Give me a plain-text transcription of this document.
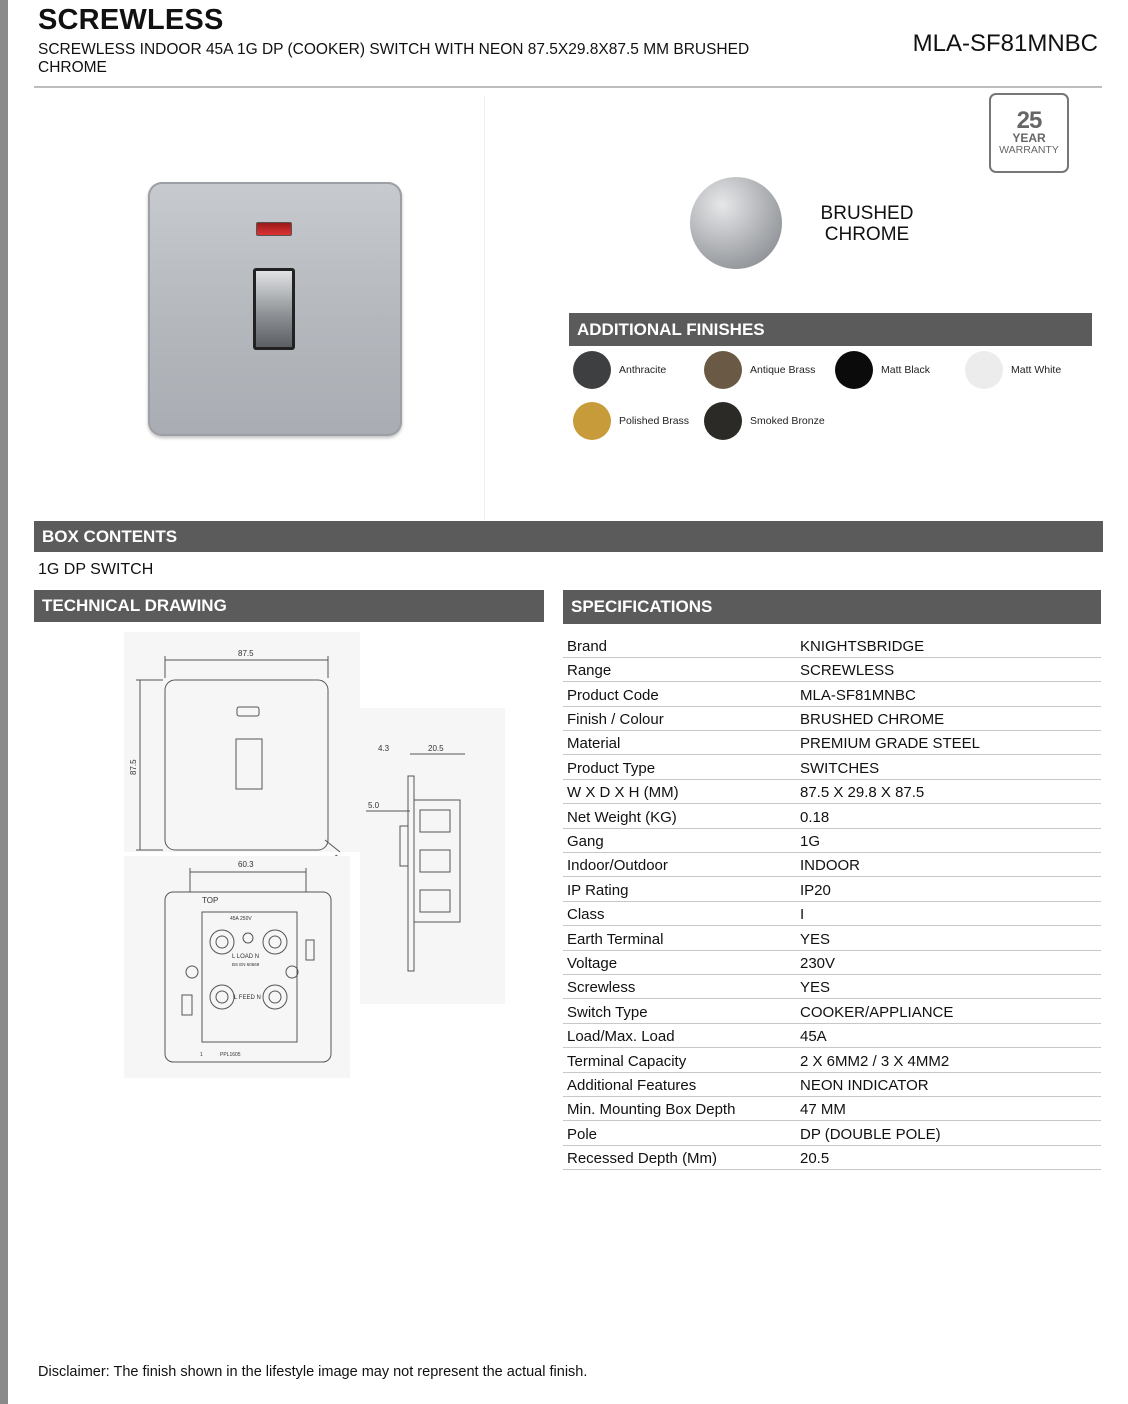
SCREWLESS
SCREWLESS INDOOR 45A 1G DP (COOKER) SWITCH WITH NEON 87.5X29.8X87.5 MM BRUSHED CHROME
MLA-SF81MNBC
25
YEAR
WARRANTY
BRUSHED
CHROME
ADDITIONAL FINISHES
Anthracite	Antique Brass	Matt Black	Matt White
Polished Brass	Smoked Bronze
BOX CONTENTS
1G DP SWITCH
TECHNICAL DRAWING	SPECIFICATIONS
87.5
87.5
4.3	20.5
5.0
60.3
TOP
45A 250V
L LOAD N
BS EN 60669
L FEED N
1	PPL1605
Brand	KNIGHTSBRIDGE
Range	SCREWLESS
Product Code	MLA-SF81MNBC
Finish / Colour	BRUSHED CHROME
Material	PREMIUM GRADE STEEL
Product Type	SWITCHES
W X D X H (MM)	87.5 X 29.8 X 87.5
Net Weight (KG)	0.18
Gang	1G
Indoor/Outdoor	INDOOR
IP Rating	IP20
Class	I
Earth Terminal	YES
Voltage	230V
Screwless	YES
Switch Type	COOKER/APPLIANCE
Load/Max. Load	45A
Terminal Capacity	2 X 6MM2 / 3 X 4MM2
Additional Features	NEON INDICATOR
Min. Mounting Box Depth	47 MM
Pole	DP (DOUBLE POLE)
Recessed Depth (Mm)	20.5
Disclaimer: The finish shown in the lifestyle image may not represent the actual finish.
